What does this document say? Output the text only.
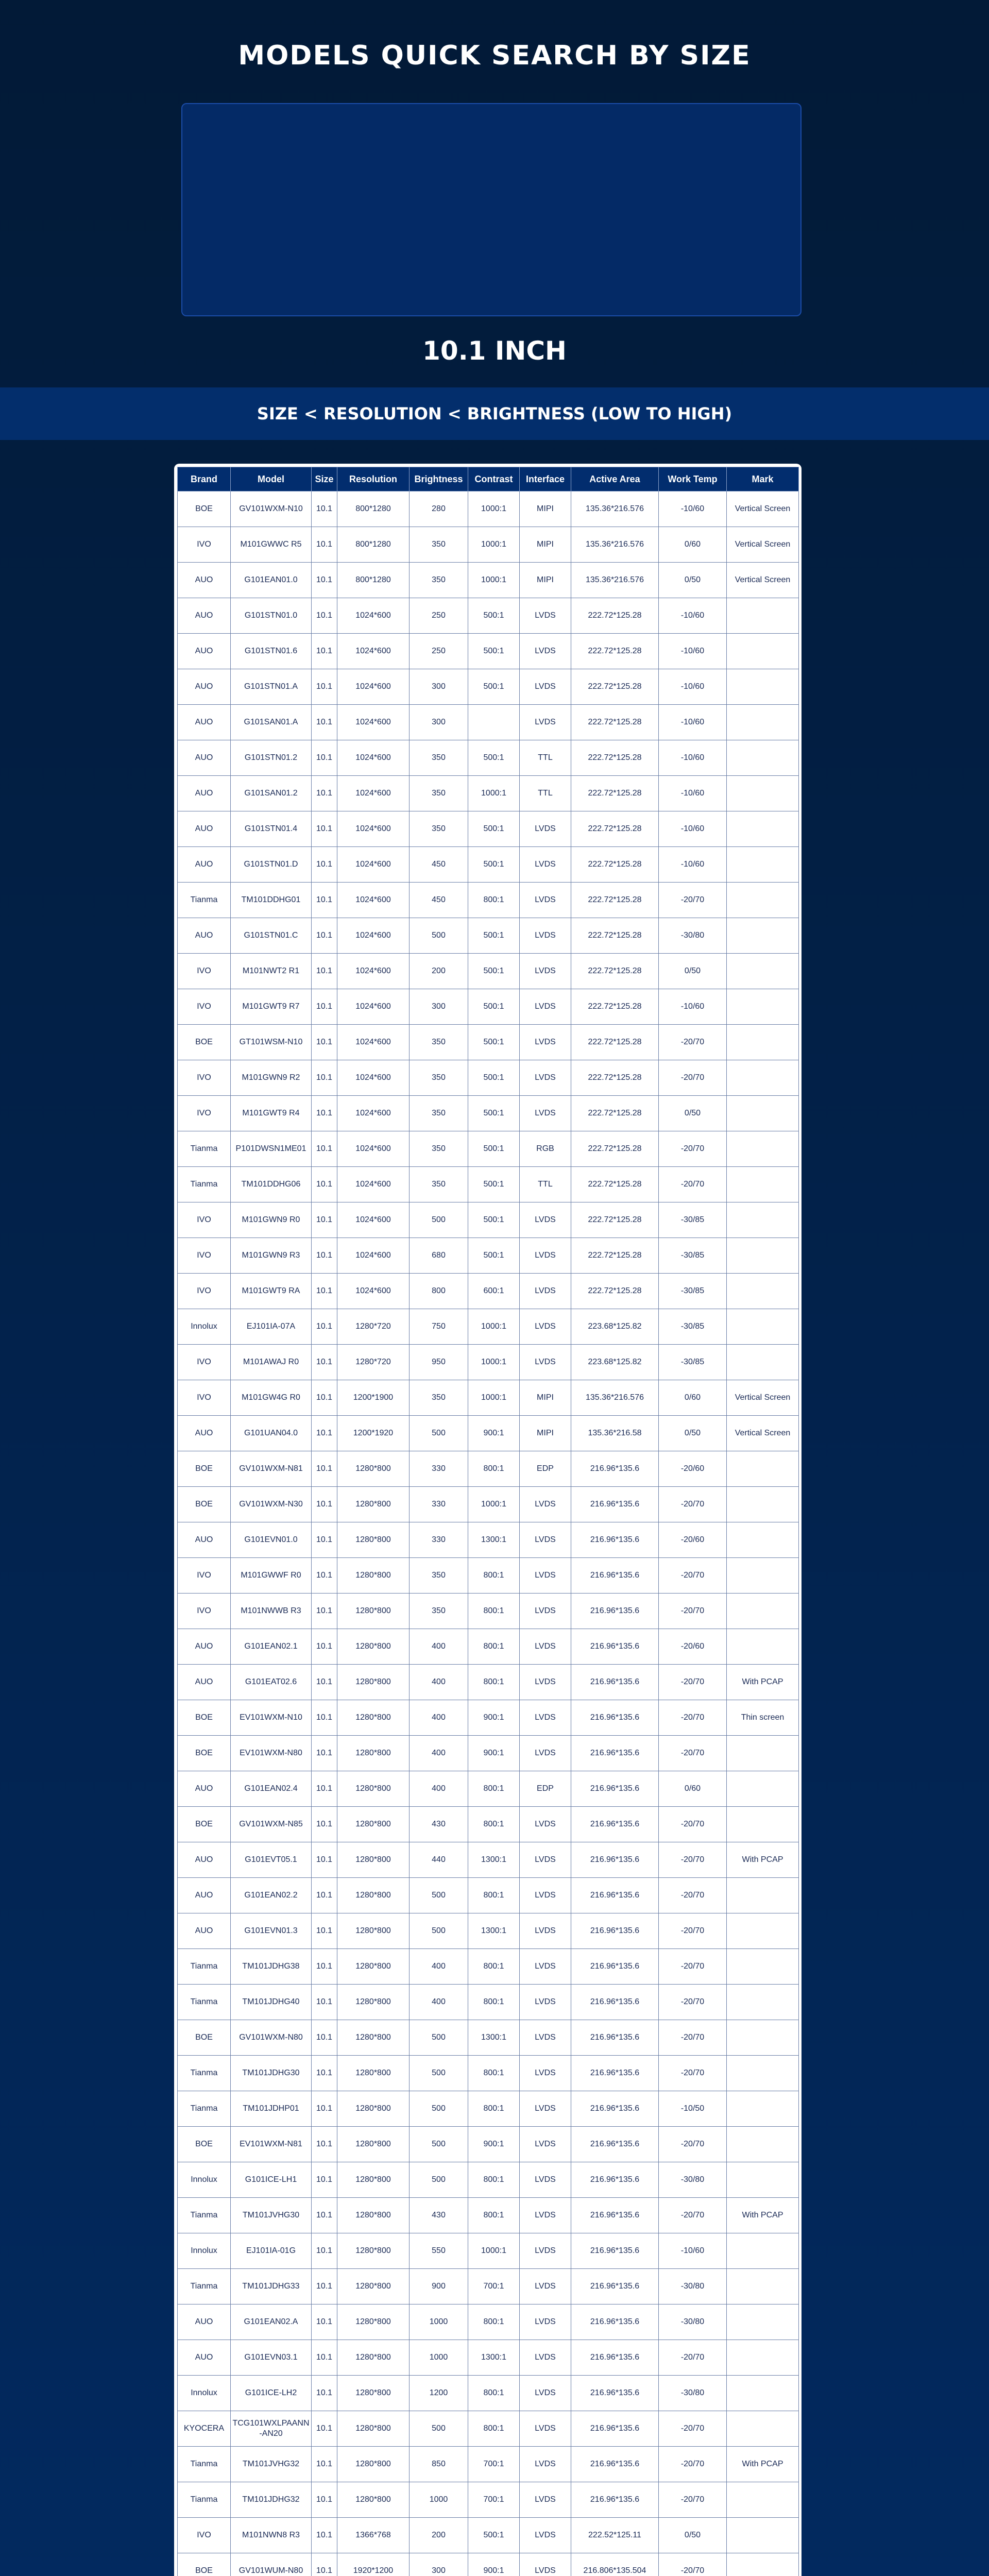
MODELS QUICK SEARCH BY SIZE
10.1 INCH
SIZE < RESOLUTION < BRIGHTNESS (LOW TO HIGH)
Brand	Model	Size	Resolution	Brightness	Contrast	Interface	Active Area	Work Temp	Mark
BOE	GV101WXM-N10	10.1	800*1280	280	1000:1	MIPI	135.36*216.576	-10/60	Vertical Screen
IVO	M101GWWC R5	10.1	800*1280	350	1000:1	MIPI	135.36*216.576	0/60	Vertical Screen
AUO	G101EAN01.0	10.1	800*1280	350	1000:1	MIPI	135.36*216.576	0/50	Vertical Screen
AUO	G101STN01.0	10.1	1024*600	250	500:1	LVDS	222.72*125.28	-10/60	
AUO	G101STN01.6	10.1	1024*600	250	500:1	LVDS	222.72*125.28	-10/60	
AUO	G101STN01.A	10.1	1024*600	300	500:1	LVDS	222.72*125.28	-10/60	
AUO	G101SAN01.A	10.1	1024*600	300		LVDS	222.72*125.28	-10/60	
AUO	G101STN01.2	10.1	1024*600	350	500:1	TTL	222.72*125.28	-10/60	
AUO	G101SAN01.2	10.1	1024*600	350	1000:1	TTL	222.72*125.28	-10/60	
AUO	G101STN01.4	10.1	1024*600	350	500:1	LVDS	222.72*125.28	-10/60	
AUO	G101STN01.D	10.1	1024*600	450	500:1	LVDS	222.72*125.28	-10/60	
Tianma	TM101DDHG01	10.1	1024*600	450	800:1	LVDS	222.72*125.28	-20/70	
AUO	G101STN01.C	10.1	1024*600	500	500:1	LVDS	222.72*125.28	-30/80	
IVO	M101NWT2 R1	10.1	1024*600	200	500:1	LVDS	222.72*125.28	0/50	
IVO	M101GWT9 R7	10.1	1024*600	300	500:1	LVDS	222.72*125.28	-10/60	
BOE	GT101WSM-N10	10.1	1024*600	350	500:1	LVDS	222.72*125.28	-20/70	
IVO	M101GWN9 R2	10.1	1024*600	350	500:1	LVDS	222.72*125.28	-20/70	
IVO	M101GWT9 R4	10.1	1024*600	350	500:1	LVDS	222.72*125.28	0/50	
Tianma	P101DWSN1ME01	10.1	1024*600	350	500:1	RGB	222.72*125.28	-20/70	
Tianma	TM101DDHG06	10.1	1024*600	350	500:1	TTL	222.72*125.28	-20/70	
IVO	M101GWN9 R0	10.1	1024*600	500	500:1	LVDS	222.72*125.28	-30/85	
IVO	M101GWN9 R3	10.1	1024*600	680	500:1	LVDS	222.72*125.28	-30/85	
IVO	M101GWT9 RA	10.1	1024*600	800	600:1	LVDS	222.72*125.28	-30/85	
Innolux	EJ101IA-07A	10.1	1280*720	750	1000:1	LVDS	223.68*125.82	-30/85	
IVO	M101AWAJ R0	10.1	1280*720	950	1000:1	LVDS	223.68*125.82	-30/85	
IVO	M101GW4G R0	10.1	1200*1900	350	1000:1	MIPI	135.36*216.576	0/60	Vertical Screen
AUO	G101UAN04.0	10.1	1200*1920	500	900:1	MIPI	135.36*216.58	0/50	Vertical Screen
BOE	GV101WXM-N81	10.1	1280*800	330	800:1	EDP	216.96*135.6	-20/60	
BOE	GV101WXM-N30	10.1	1280*800	330	1000:1	LVDS	216.96*135.6	-20/70	
AUO	G101EVN01.0	10.1	1280*800	330	1300:1	LVDS	216.96*135.6	-20/60	
IVO	M101GWWF R0	10.1	1280*800	350	800:1	LVDS	216.96*135.6	-20/70	
IVO	M101NWWB R3	10.1	1280*800	350	800:1	LVDS	216.96*135.6	-20/70	
AUO	G101EAN02.1	10.1	1280*800	400	800:1	LVDS	216.96*135.6	-20/60	
AUO	G101EAT02.6	10.1	1280*800	400	800:1	LVDS	216.96*135.6	-20/70	With PCAP
BOE	EV101WXM-N10	10.1	1280*800	400	900:1	LVDS	216.96*135.6	-20/70	Thin screen
BOE	EV101WXM-N80	10.1	1280*800	400	900:1	LVDS	216.96*135.6	-20/70	
AUO	G101EAN02.4	10.1	1280*800	400	800:1	EDP	216.96*135.6	0/60	
BOE	GV101WXM-N85	10.1	1280*800	430	800:1	LVDS	216.96*135.6	-20/70	
AUO	G101EVT05.1	10.1	1280*800	440	1300:1	LVDS	216.96*135.6	-20/70	With PCAP
AUO	G101EAN02.2	10.1	1280*800	500	800:1	LVDS	216.96*135.6	-20/70	
AUO	G101EVN01.3	10.1	1280*800	500	1300:1	LVDS	216.96*135.6	-20/70	
Tianma	TM101JDHG38	10.1	1280*800	400	800:1	LVDS	216.96*135.6	-20/70	
Tianma	TM101JDHG40	10.1	1280*800	400	800:1	LVDS	216.96*135.6	-20/70	
BOE	GV101WXM-N80	10.1	1280*800	500	1300:1	LVDS	216.96*135.6	-20/70	
Tianma	TM101JDHG30	10.1	1280*800	500	800:1	LVDS	216.96*135.6	-20/70	
Tianma	TM101JDHP01	10.1	1280*800	500	800:1	LVDS	216.96*135.6	-10/50	
BOE	EV101WXM-N81	10.1	1280*800	500	900:1	LVDS	216.96*135.6	-20/70	
Innolux	G101ICE-LH1	10.1	1280*800	500	800:1	LVDS	216.96*135.6	-30/80	
Tianma	TM101JVHG30	10.1	1280*800	430	800:1	LVDS	216.96*135.6	-20/70	With PCAP
Innolux	EJ101IA-01G	10.1	1280*800	550	1000:1	LVDS	216.96*135.6	-10/60	
Tianma	TM101JDHG33	10.1	1280*800	900	700:1	LVDS	216.96*135.6	-30/80	
AUO	G101EAN02.A	10.1	1280*800	1000	800:1	LVDS	216.96*135.6	-30/80	
AUO	G101EVN03.1	10.1	1280*800	1000	1300:1	LVDS	216.96*135.6	-20/70	
Innolux	G101ICE-LH2	10.1	1280*800	1200	800:1	LVDS	216.96*135.6	-30/80	
KYOCERA	TCG101WXLPAANN-AN20	10.1	1280*800	500	800:1	LVDS	216.96*135.6	-20/70	
Tianma	TM101JVHG32	10.1	1280*800	850	700:1	LVDS	216.96*135.6	-20/70	With PCAP
Tianma	TM101JDHG32	10.1	1280*800	1000	700:1	LVDS	216.96*135.6	-20/70	
IVO	M101NWN8 R3	10.1	1366*768	200	500:1	LVDS	222.52*125.11	0/50	
BOE	GV101WUM-N80	10.1	1920*1200	300	900:1	LVDS	216.806*135.504	-20/70	
